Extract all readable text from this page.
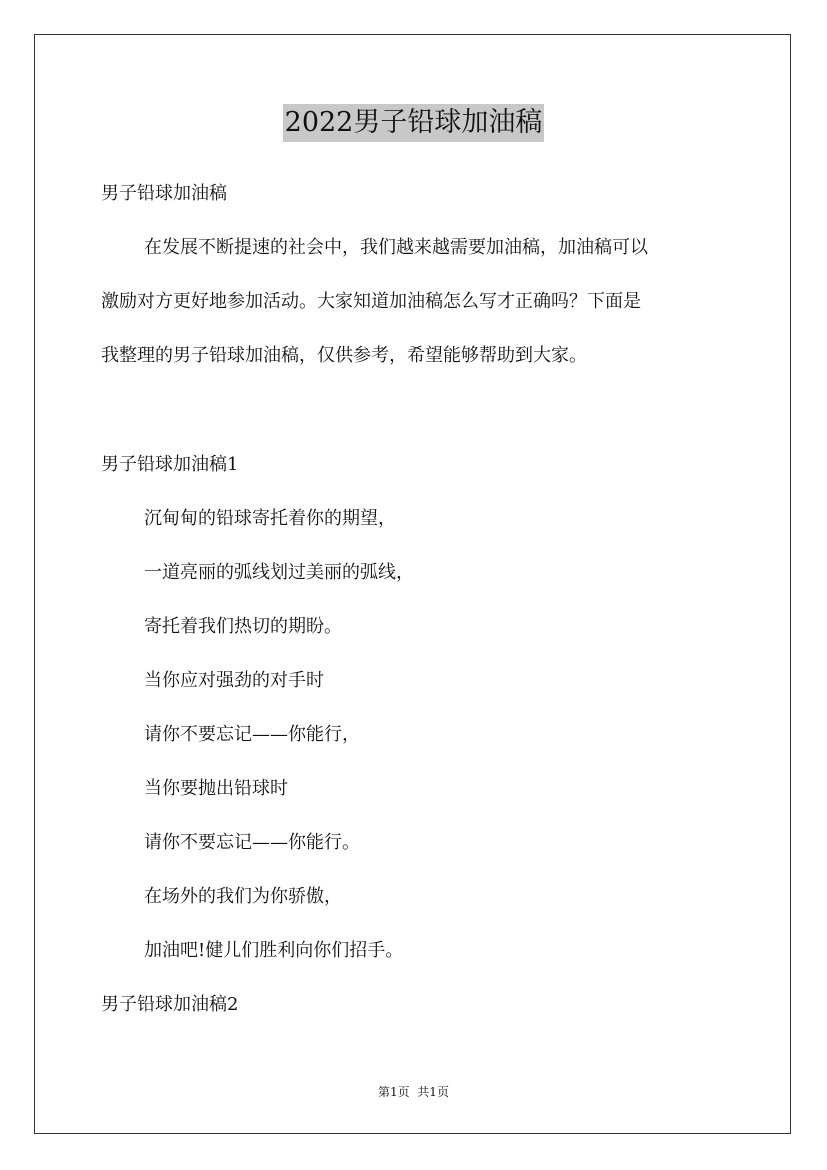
2022男子铅球加油稿
男子铅球加油稿
在发展不断提速的社会中，我们越来越需要加油稿，加油稿可以
激励对方更好地参加活动。大家知道加油稿怎么写才正确吗？下面是
我整理的男子铅球加油稿，仅供参考，希望能够帮助到大家。
男子铅球加油稿1
沉甸甸的铅球寄托着你的期望，
一道亮丽的弧线划过美丽的弧线，
寄托着我们热切的期盼。
当你应对强劲的对手时
请你不要忘记——你能行，
当你要抛出铅球时
请你不要忘记——你能行。
在场外的我们为你骄傲，
加油吧!健儿们胜利向你们招手。
男子铅球加油稿2
第1页  共1页
